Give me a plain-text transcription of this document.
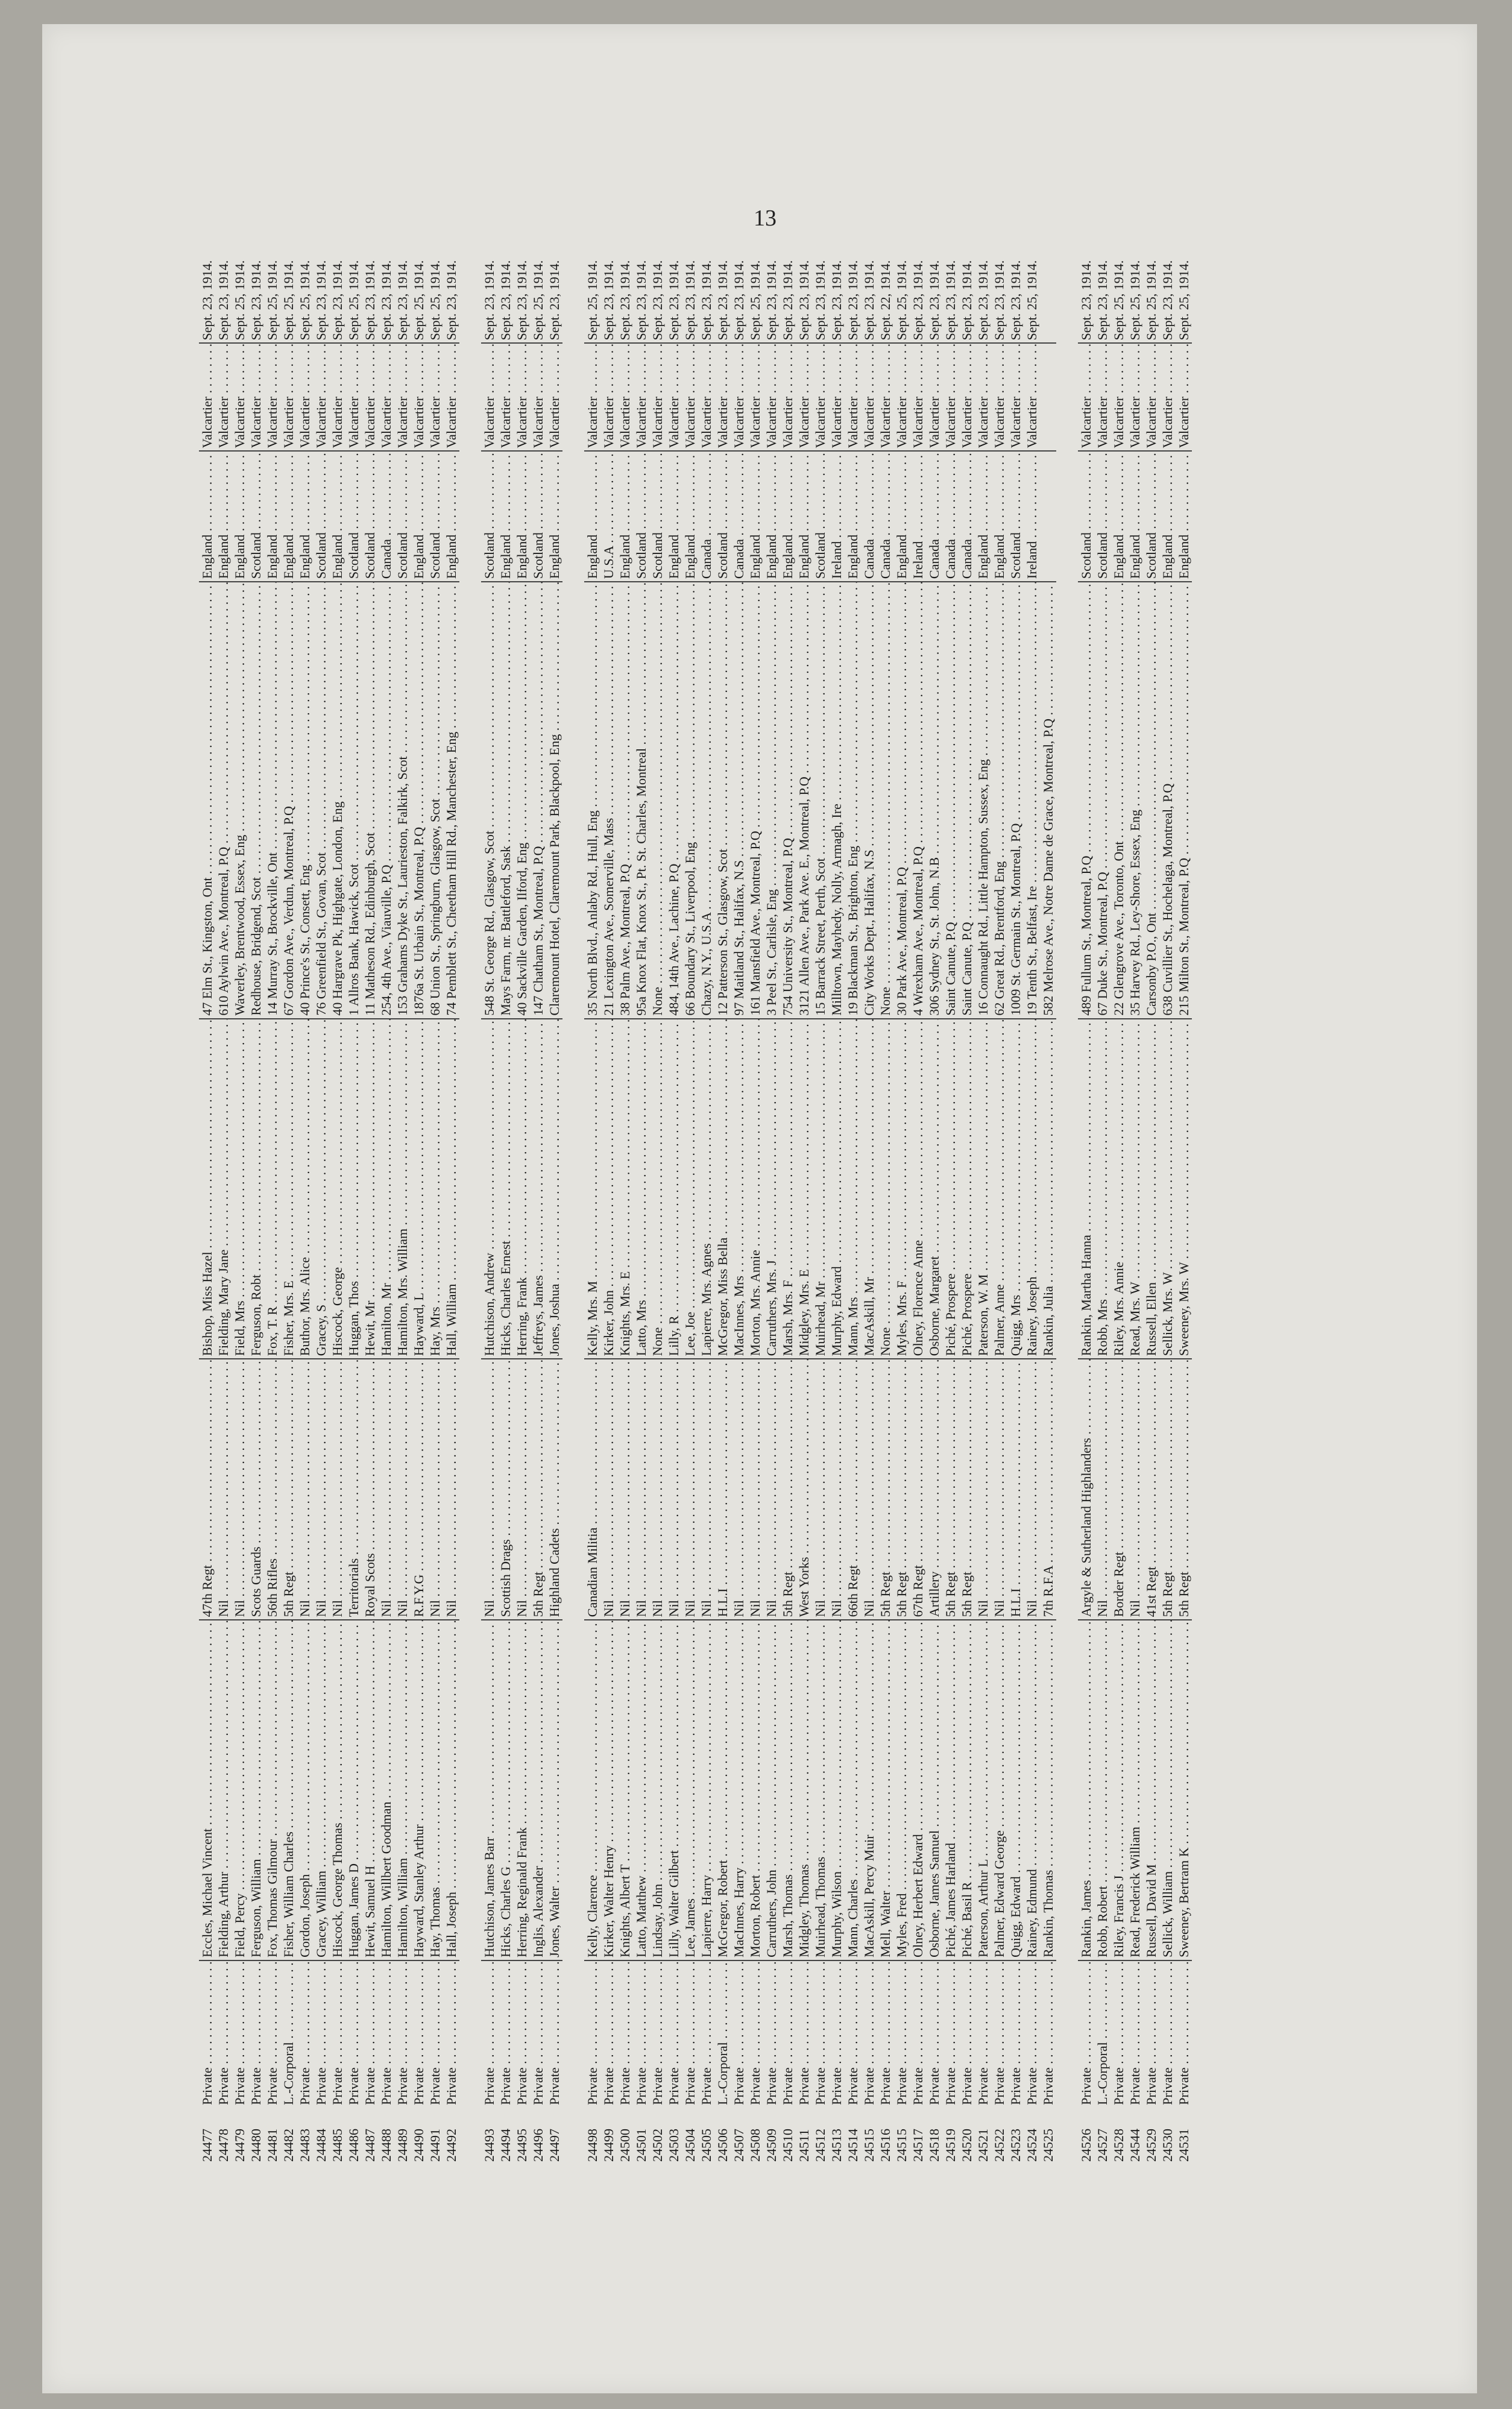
13
24477
Private . . .
Eccles, Michael Vincent . . .
47th Regt . . .
Bishop, Miss Hazel . . .
47 Elm St., Kingston, Ont . . .
England . . .
Valcartier . . .
Sept. 23, 1914.
24478
Private . . .
Fielding, Arthur . . .
Nil . . .
Fielding, Mary Jane . . .
610 Aylwin Ave., Montreal, P.Q . . .
England . . .
Valcartier . . .
Sept. 23, 1914.
24479
Private . . .
Field, Percy . . .
Nil . . .
Field, Mrs . . .
Waverley, Brentwood, Essex, Eng . . .
England . . .
Valcartier . . .
Sept. 25, 1914.
24480
Private . . .
Ferguson, William . . .
Scots Guards . . .
Ferguson, Robt . . .
Redhouse, Bridgend, Scot . . .
Scotland . . .
Valcartier . . .
Sept. 23, 1914.
24481
Private . . .
Fox, Thomas Gilmour . . .
56th Rifles . . .
Fox, T. R . . .
14 Murray St., Brockville, Ont . . .
England . . .
Valcartier . . .
Sept. 25, 1914.
24482
L.-Corporal . . .
Fisher, William Charles . . .
5th Regt . . .
Fisher, Mrs. E . . .
67 Gordon Ave., Verdun, Montreal, P.Q . . .
England . . .
Valcartier . . .
Sept. 25, 1914.
24483
Private . . .
Gordon, Joseph . . .
Nil . . .
Buthor, Mrs. Alice . . .
40 Prince's St., Consett, Eng . . .
England . . .
Valcartier . . .
Sept. 25, 1914.
24484
Private . . .
Gracey, William . . .
Nil . . .
Gracey, S . . .
76 Greenfield St., Govan, Scot . . .
Scotland . . .
Valcartier . . .
Sept. 23, 1914.
24485
Private . . .
Hiscock, George Thomas . . .
Nil . . .
Hiscock, George . . .
40 Hargrave Pk, Highgate, London, Eng . . .
England . . .
Valcartier . . .
Sept. 23, 1914.
24486
Private . . .
Huggan, James D . . .
Territorials . . .
Huggan, Thos . . .
1 Allros Bank, Hawick, Scot . . .
Scotland . . .
Valcartier . . .
Sept. 25, 1914.
24487
Private . . .
Hewit, Samuel H . . .
Royal Scots . . .
Hewit, Mr . . .
11 Matheson Rd., Edinburgh, Scot . . .
Scotland . . .
Valcartier . . .
Sept. 23, 1914.
24488
Private . . .
Hamilton, Willbert Goodman . . .
Nil . . .
Hamilton, Mr . . .
254, 4th Ave., Viauville, P.Q . . .
Canada . . .
Valcartier . . .
Sept. 23, 1914.
24489
Private . . .
Hamilton, William . . .
Nil . . .
Hamilton, Mrs. William . . .
153 Grahams Dyke St., Laurieston, Falkirk, Scot . . .
Scotland . . .
Valcartier . . .
Sept. 23, 1914.
24490
Private . . .
Hayward, Stanley Arthur . . .
R.F.Y.G . . .
Hayward, L . . .
1876a St. Urbain St., Montreal, P.Q . . .
England . . .
Valcartier . . .
Sept. 25, 1914.
24491
Private . . .
Hay, Thomas . . .
Nil . . .
Hay, Mrs . . .
68 Union St., Springburn, Glasgow, Scot . . .
Scotland . . .
Valcartier . . .
Sept. 25, 1914.
24492
Private . . .
Hall, Joseph . . .
Nil . . .
Hall, William . . .
74 Pemblett St., Cheetham Hill Rd., Manchester, Eng . . .
England . . .
Valcartier . . .
Sept. 23, 1914.
24493
Private . . .
Hutchison, James Barr . . .
Nil . . .
Hutchison, Andrew . . .
548 St. George Rd., Glasgow, Scot . . .
Scotland . . .
Valcartier . . .
Sept. 23, 1914.
24494
Private . . .
Hicks, Charles G . . .
Scottish Drags . . .
Hicks, Charles Ernest . . .
Mays Farm, nr. Battleford, Sask . . .
England . . .
Valcartier . . .
Sept. 23, 1914.
24495
Private . . .
Herring, Reginald Frank . . .
Nil . . .
Herring, Frank . . .
40 Sackville Garden, Ilford, Eng . . .
England . . .
Valcartier . . .
Sept. 23, 1914.
24496
Private . . .
Inglis, Alexander . . .
5th Regt . . .
Jeffreys, James . . .
147 Chatham St., Montreal, P.Q . . .
Scotland . . .
Valcartier . . .
Sept. 25, 1914.
24497
Private . . .
Jones, Walter . . .
Highland Cadets . . .
Jones, Joshua . . .
Claremount Hotel, Claremount Park, Blackpool, Eng . . .
England . . .
Valcartier . . .
Sept. 23, 1914.
24498
Private . . .
Kelly, Clarence . . .
Canadian Militia . . .
Kelly, Mrs. M . . .
35 North Blvd., Anlaby Rd., Hull, Eng . . .
England . . .
Valcartier . . .
Sept. 25, 1914.
24499
Private . . .
Kirker, Walter Henry . . .
Nil . . .
Kirker, John . . .
21 Lexington Ave., Somerville, Mass . . .
U.S.A . . .
Valcartier . . .
Sept. 23, 1914.
24500
Private . . .
Knights, Albert T . . .
Nil . . .
Knights, Mrs. E . . .
38 Palm Ave., Montreal, P.Q . . .
England . . .
Valcartier . . .
Sept. 23, 1914.
24501
Private . . .
Latto, Matthew . . .
Nil . . .
Latto, Mrs . . .
95a Knox Flat, Knox St., Pt. St. Charles, Montreal . . .
Scotland . . .
Valcartier . . .
Sept. 23, 1914.
24502
Private . . .
Lindsay, John . . .
Nil . . .
None . . .
None . . .
Scotland . . .
Valcartier . . .
Sept. 23, 1914.
24503
Private . . .
Lilly, Walter Gilbert . . .
Nil . . .
Lilly, R . . .
484, 14th Ave., Lachine, P.Q . . .
England . . .
Valcartier . . .
Sept. 23, 1914.
24504
Private . . .
Lee, James . . .
Nil . . .
Lee, Joe . . .
66 Boundary St., Liverpool, Eng . . .
England . . .
Valcartier . . .
Sept. 23, 1914.
24505
Private . . .
Lapierre, Harry . . .
Nil . . .
Lapierre, Mrs. Agnes . . .
Chazy, N.Y., U.S.A . . .
Canada . . .
Valcartier . . .
Sept. 23, 1914.
24506
L.-Corporal . . .
McGregor, Robert . . .
H.L.I . . .
McGregor, Miss Bella . . .
12 Patterson St., Glasgow, Scot . . .
Scotland . . .
Valcartier . . .
Sept. 23, 1914.
24507
Private . . .
MacInnes, Harry . . .
Nil . . .
MacInnes, Mrs . . .
97 Maitland St., Halifax, N.S . . .
Canada . . .
Valcartier . . .
Sept. 23, 1914.
24508
Private . . .
Morton, Robert . . .
Nil . . .
Morton, Mrs. Annie . . .
161 Mansfield Ave., Montreal, P.Q . . .
England . . .
Valcartier . . .
Sept. 25, 1914.
24509
Private . . .
Carruthers, John . . .
Nil . . .
Carruthers, Mrs. J . . .
3 Peel St., Carlisle, Eng . . .
England . . .
Valcartier . . .
Sept. 23, 1914.
24510
Private . . .
Marsh, Thomas . . .
5th Regt . . .
Marsh, Mrs. F . . .
754 University St., Montreal, P.Q . . .
England . . .
Valcartier . . .
Sept. 23, 1914.
24511
Private . . .
Midgley, Thomas . . .
West Yorks . . .
Midgley, Mrs. E . . .
3121 Allen Ave., Park Ave. E., Montreal, P.Q . . .
England . . .
Valcartier . . .
Sept. 23, 1914.
24512
Private . . .
Muirhead, Thomas . . .
Nil . . .
Muirhead, Mr . . .
15 Barrack Street, Perth, Scot . . .
Scotland . . .
Valcartier . . .
Sept. 23, 1914.
24513
Private . . .
Murphy, Wilson . . .
Nil . . .
Murphy, Edward . . .
Milltown, Mayhedy, Nolly, Armagh, Ire . . .
Ireland . . .
Valcartier . . .
Sept. 23, 1914.
24514
Private . . .
Mann, Charles . . .
66th Regt . . .
Mann, Mrs . . .
19 Blackman St., Brighton, Eng . . .
England . . .
Valcartier . . .
Sept. 23, 1914.
24515
Private . . .
MacAskill, Percy Muir . . .
Nil . . .
MacAskill, Mr . . .
City Works Dept., Halifax, N.S . . .
Canada . . .
Valcartier . . .
Sept. 23, 1914.
24516
Private . . .
Mell, Walter . . .
5th Regt . . .
None . . .
None . . .
Canada . . .
Valcartier . . .
Sept. 22, 1914.
24515
Private . . .
Myles, Fred . . .
5th Regt . . .
Myles, Mrs. F . . .
30 Park Ave., Montreal, P.Q . . .
England . . .
Valcartier . . .
Sept. 25, 1914.
24517
Private . . .
Olney, Herbert Edward . . .
67th Regt . . .
Olney, Florence Anne . . .
4 Wrexham Ave., Montreal, P.Q . . .
Ireland . . .
Valcartier . . .
Sept. 23, 1914.
24518
Private . . .
Osborne, James Samuel . . .
Artillery . . .
Osborne, Margaret . . .
306 Sydney St., St. John, N.B . . .
Canada . . .
Valcartier . . .
Sept. 23, 1914.
24519
Private . . .
Piché, James Harland . . .
5th Regt . . .
Piché, Prospere . . .
Saint Canute, P.Q . . .
Canada . . .
Valcartier . . .
Sept. 23, 1914.
24520
Private . . .
Piché, Basil R . . .
5th Regt . . .
Piché, Prospere . . .
Saint Canute, P.Q . . .
Canada . . .
Valcartier . . .
Sept. 23, 1914.
24521
Private . . .
Paterson, Arthur L . . .
Nil . . .
Paterson, W. M . . .
16 Connaught Rd., Little Hampton, Sussex, Eng . . .
England . . .
Valcartier . . .
Sept. 23, 1914.
24522
Private . . .
Palmer, Edward George . . .
Nil . . .
Palmer, Anne . . .
62 Great Rd., Brentford, Eng . . .
England . . .
Valcartier . . .
Sept. 23, 1914.
24523
Private . . .
Quigg, Edward . . .
H.L.I . . .
Quigg, Mrs . . .
1009 St. Germain St., Montreal, P.Q . . .
Scotland . . .
Valcartier . . .
Sept. 23, 1914.
24524
Private . . .
Rainey, Edmund . . .
Nil . . .
Rainey, Joseph . . .
19 Tenth St., Belfast, Ire . . .
Ireland . . .
Valcartier . . .
Sept. 25, 1914.
24525
Private . . .
Rankin, Thomas . . .
7th R.F.A . . .
Rankin, Julia . . .
582 Melrose Ave., Notre Dame de Grace, Montreal, P.Q . . .
24526
Private . . .
Rankin, James . . .
Argyle & Sutherland Highlanders . . .
Rankin, Martha Hanna . . .
489 Fullum St., Montreal, P.Q . . .
Scotland . . .
Valcartier . . .
Sept. 23, 1914.
24527
L.-Corporal . . .
Robb, Robert . . .
Nil . . .
Robb, Mrs . . .
67 Duke St., Montreal, P.Q . . .
Scotland . . .
Valcartier . . .
Sept. 23, 1914.
24528
Private . . .
Riley, Francis J . . .
Border Regt . . .
Riley, Mrs. Annie . . .
22 Glengrove Ave., Toronto, Ont . . .
England . . .
Valcartier . . .
Sept. 25, 1914.
24544
Private . . .
Read, Frederick William . . .
Nil . . .
Read, Mrs. W . . .
35 Harvey Rd., Ley-Shore, Essex, Eng . . .
England . . .
Valcartier . . .
Sept. 25, 1914.
24529
Private . . .
Russell, David M . . .
41st Regt . . .
Russell, Ellen . . .
Carsonby P.O., Ont . . .
Scotland . . .
Valcartier . . .
Sept. 25, 1914.
24530
Private . . .
Sellick, William . . .
5th Regt . . .
Sellick, Mrs. W . . .
638 Cuvillier St., Hochelaga, Montreal, P.Q . . .
England . . .
Valcartier . . .
Sept. 23, 1914.
24531
Private . . .
Sweeney, Bertram K . . .
5th Regt . . .
Sweeney, Mrs. W . . .
215 Milton St., Montreal, P.Q . . .
England . . .
Valcartier . . .
Sept. 25, 1914.
